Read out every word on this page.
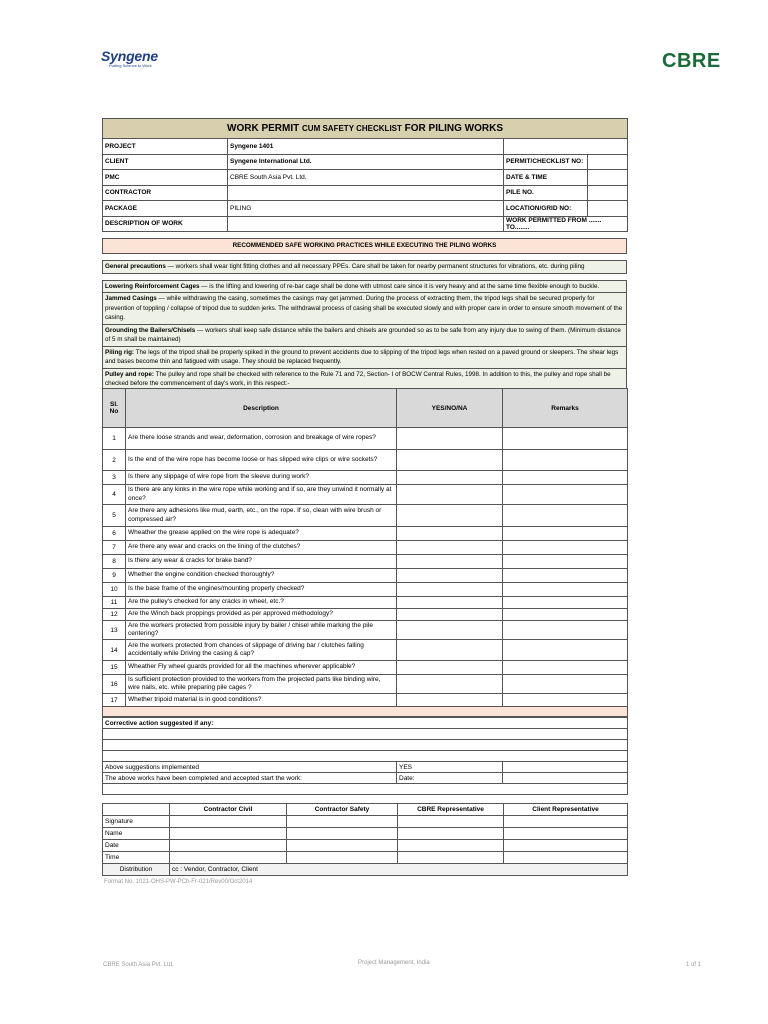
Syngene
Putting Science to Work	CBRE
WORK PERMIT CUM SAFETY CHECKLIST FOR PILING WORKS			
PROJECT	Syngene 1401		
CLIENT	Syngene International Ltd.	PERMIT/CHECKLIST NO:	
PMC	CBRE South Asia Pvt. Ltd.	DATE & TIME	
CONTRACTOR		PILE NO.	
PACKAGE	PILING	LOCATION/GRID NO:	
DESCRIPTION OF WORK		WORK PERMITTED FROM ....... TO........	
RECOMMENDED SAFE WORKING PRACTICES WHILE EXECUTING THE PILING WORKS

General precautions — workers shall wear tight fitting clothes and all necessary PPEs. Care shall be taken for nearby permanent structures for vibrations, etc. during piling

Lowering Reinforcement Cages — is the lifting and lowering of re-bar cage shall be done with utmost care since it is very heavy and at the same time flexible enough to buckle.
Jammed Casings — while withdrawing the casing, sometimes the casings may get jammed. During the process of extracting them, the tripod legs shall be secured properly for prevention of toppling / collapse of tripod due to sudden jerks. The withdrawal process of casing shall be executed slowly and with proper care in order to ensure smooth movement of the casing.
Grounding the Bailers/Chisels — workers shall keep safe distance while the bailers and chisels are grounded so as to be safe from any injury due to swing of them. (Minimum distance of 5 m shall be maintained)
Piling rig: The legs of the tripod shall be properly spiked in the ground to prevent accidents due to slipping of the tripod legs when rested on a paved ground or sleepers. The shear legs and bases become thin and fatigued with usage. They should be replaced frequently.
Pulley and rope: The pulley and rope shall be checked with reference to the Rule 71 and 72, Section- I of BOCW Central Rules, 1998. In addition to this, the pulley and rope shall be checked before the commencement of day's work, in this respect:-
Sl. No	Description	YES/NO/NA	Remarks
1	Are there loose strands and wear, deformation, corrosion and breakage of wire ropes?		
2	Is the end of the wire rope has become loose or has slipped wire clips or wire sockets?		
3	Is there any slippage of wire rope from the sleeve during work?		
4	Is there are any kinks in the wire rope while working and if so, are they unwind it normally at once?		
5	Are there any adhesions like mud, earth, etc., on the rope. If so, clean with wire brush or compressed air?		
6	Wheather the grease applied on the wire rope is adequate?		
7	Are there any wear and cracks on the lining of the clutches?		
8	Is there any wear & cracks for brake band?		
9	Whether the engine condition checked thoroughly?		
10	Is the base frame of the engines/mounting properly checked?		
11	Are the pulley's checked for any cracks in wheel, etc.?		
12	Are the Winch back proppings provided as per approved methodology?		
13	Are the workers protected from possible injury by bailer / chisel while marking the pile centering?		
14	Are the workers protected from chances of slippage of driving bar / clutches falling accidentally while Driving the casing & cap?		
15	Wheather Fly wheel guards provided for all the machines wherever applicable?		
16	Is sufficient protection provided to the workers from the projected parts like binding wire, wire nails, etc. while preparing pile cages ?		
17	Whether tripoid material is in good conditions?		

Corrective action suggested if any:		

Above suggestions implemented	YES	
The above works have been completed and accepted start the work:	Date:	

	Contractor Civil	Contractor Safety	CBRE Representative	Client Representative
Signature				
Name				
Date				
Time				
Distribution	cc : Vendor, Contractor, Client			
Format No. 1021-OHS-PW-PCh-Fr-021/Rev00/Oct2014
CBRE South Asia Pvt. Ltd.	Project Management, India	1 of 1
